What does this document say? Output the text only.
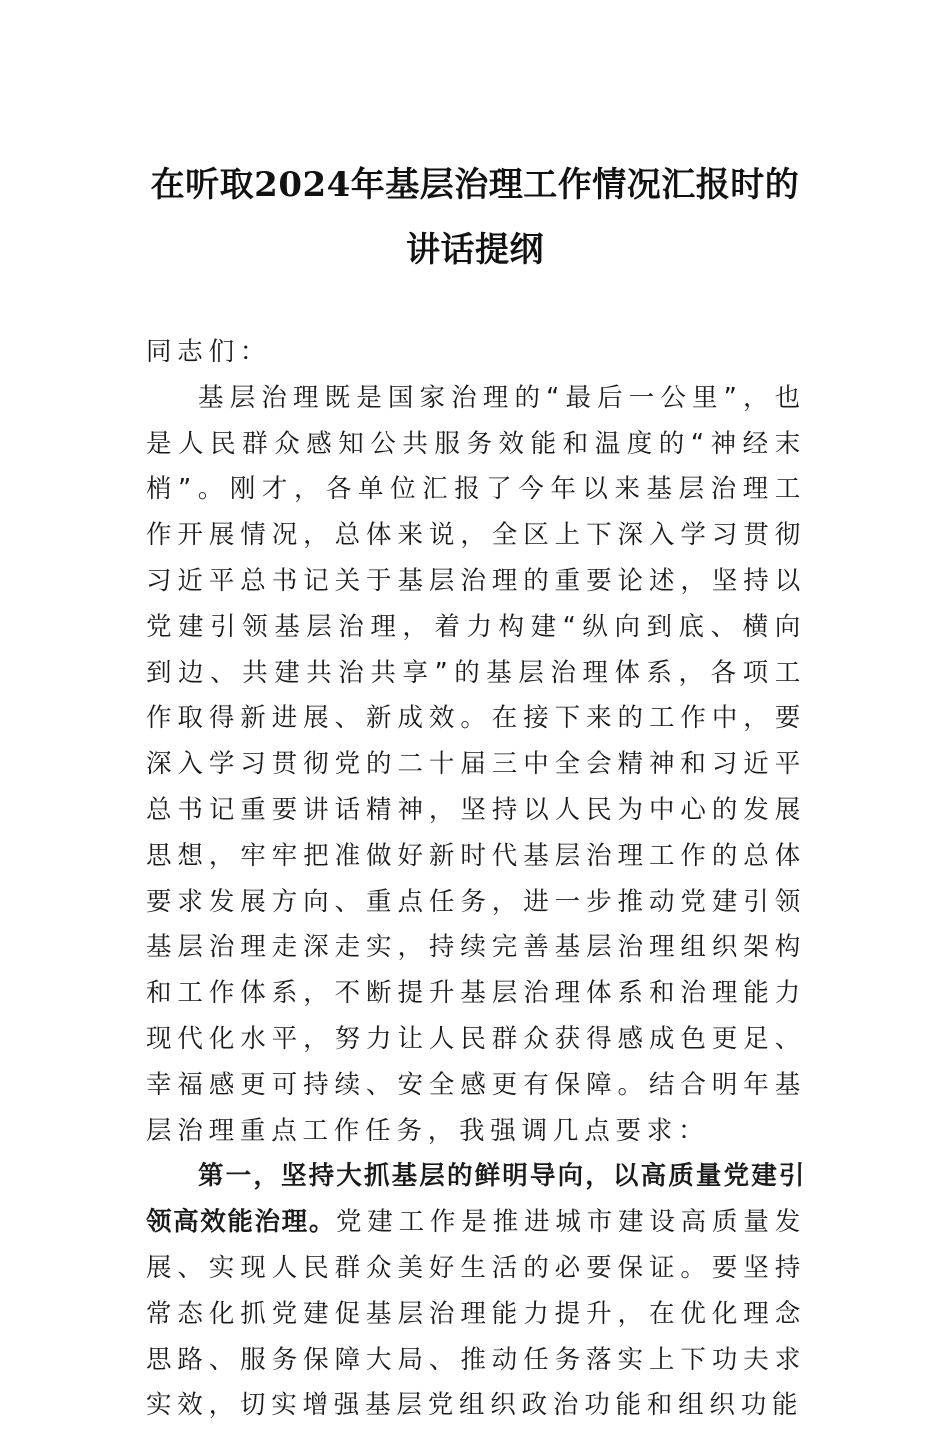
在听取2024年基层治理工作情况汇报时的
讲话提纲

同志们：

基层治理既是国家治理的“最后一公里”，也是人民群众感知公共服务效能和温度的“神经末梢”。刚才，各单位汇报了今年以来基层治理工作开展情况，总体来说，全区上下深入学习贯彻习近平总书记关于基层治理的重要论述，坚持以党建引领基层治理，着力构建“纵向到底、横向到边、共建共治共享”的基层治理体系，各项工作取得新进展、新成效。在接下来的工作中，要深入学习贯彻党的二十届三中全会精神和习近平总书记重要讲话精神，坚持以人民为中心的发展思想，牢牢把准做好新时代基层治理工作的总体要求发展方向、重点任务，进一步推动党建引领基层治理走深走实，持续完善基层治理组织架构和工作体系，不断提升基层治理体系和治理能力现代化水平，努力让人民群众获得感成色更足、幸福感更可持续、安全感更有保障。结合明年基层治理重点工作任务，我强调几点要求：

第一，坚持大抓基层的鲜明导向，以高质量党建引领高效能治理。党建工作是推进城市建设高质量发展、实现人民群众美好生活的必要保证。要坚持常态化抓党建促基层治理能力提升，在优化理念思路、服务保障大局、推动任务落实上下功夫求实效，切实增强基层党组织政治功能和组织功能
